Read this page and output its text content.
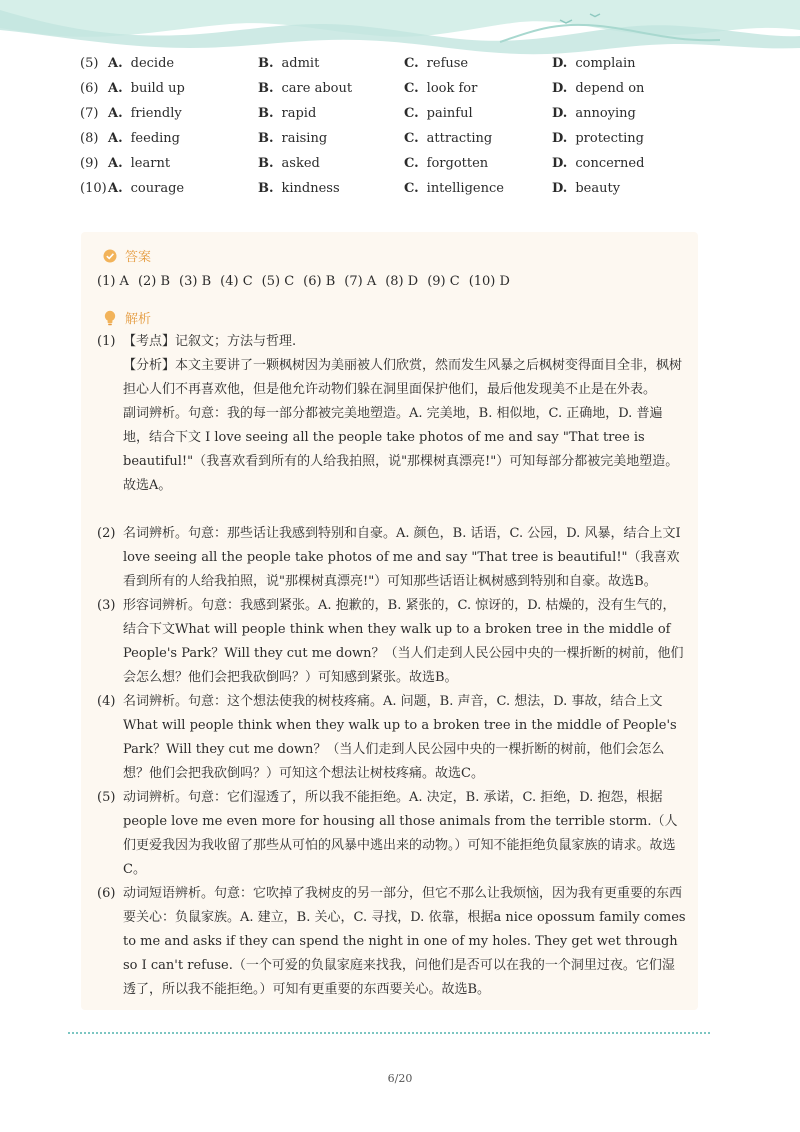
(5) A. decide	B. admit	C. refuse	D. complain
(6) A. build up	B. care about	C. look for	D. depend on
(7) A. friendly	B. rapid	C. painful	D. annoying
(8) A. feeding	B. raising	C. attracting	D. protecting
(9) A. learnt	B. asked	C. forgotten	D. concerned
(10) A. courage	B. kindness	C. intelligence	D. beauty
答案
(1) A (2) B (3) B (4) C (5) C (6) B (7) A (8) D (9) C (10) D
解析
(1) 【考点】记叙文；方法与哲理.

【分析】本文主要讲了一颗枫树因为美丽被人们欣赏，然而发生风暴之后枫树变得面目全非，枫树担心人们不再喜欢他，但是他允许动物们躲在洞里面保护他们，最后他发现美不止是在外表。

副词辨析。句意：我的每一部分都被完美地塑造。A. 完美地，B. 相似地，C. 正确地，D. 普遍地，结合下文 I love seeing all the people take photos of me and say "That tree is beautiful!"（我喜欢看到所有的人给我拍照，说"那棵树真漂亮!"）可知每部分都被完美地塑造。故选A。

(2) 名词辨析。句意：那些话让我感到特别和自豪。A. 颜色，B. 话语，C. 公园，D. 风暴，结合上文I love seeing all the people take photos of me and say "That tree is beautiful!"（我喜欢看到所有的人给我拍照，说"那棵树真漂亮!"）可知那些话语让枫树感到特别和自豪。故选B。

(3) 形容词辨析。句意：我感到紧张。A. 抱歉的，B. 紧张的，C. 惊讶的，D. 枯燥的，没有生气的，结合下文What will people think when they walk up to a broken tree in the middle of People's Park？Will they cut me down？（当人们走到人民公园中央的一棵折断的树前，他们会怎么想？他们会把我砍倒吗？）可知感到紧张。故选B。

(4) 名词辨析。句意：这个想法使我的树枝疼痛。A. 问题，B. 声音，C. 想法，D. 事故，结合上文What will people think when they walk up to a broken tree in the middle of People's Park？Will they cut me down？（当人们走到人民公园中央的一棵折断的树前，他们会怎么想？他们会把我砍倒吗？）可知这个想法让树枝疼痛。故选C。

(5) 动词辨析。句意：它们湿透了，所以我不能拒绝。A. 决定，B. 承诺，C. 拒绝，D. 抱怨，根据people love me even more for housing all those animals from the terrible storm.（人们更爱我因为我收留了那些从可怕的风暴中逃出来的动物。）可知不能拒绝负鼠家族的请求。故选C。

(6) 动词短语辨析。句意：它吹掉了我树皮的另一部分，但它不那么让我烦恼，因为我有更重要的东西要关心：负鼠家族。A. 建立，B. 关心，C. 寻找，D. 依靠，根据a nice opossum family comes to me and asks if they can spend the night in one of my holes. They get wet through so I can't refuse.（一个可爱的负鼠家庭来找我，问他们是否可以在我的一个洞里过夜。它们湿透了，所以我不能拒绝。）可知有更重要的东西要关心。故选B。

6/20
